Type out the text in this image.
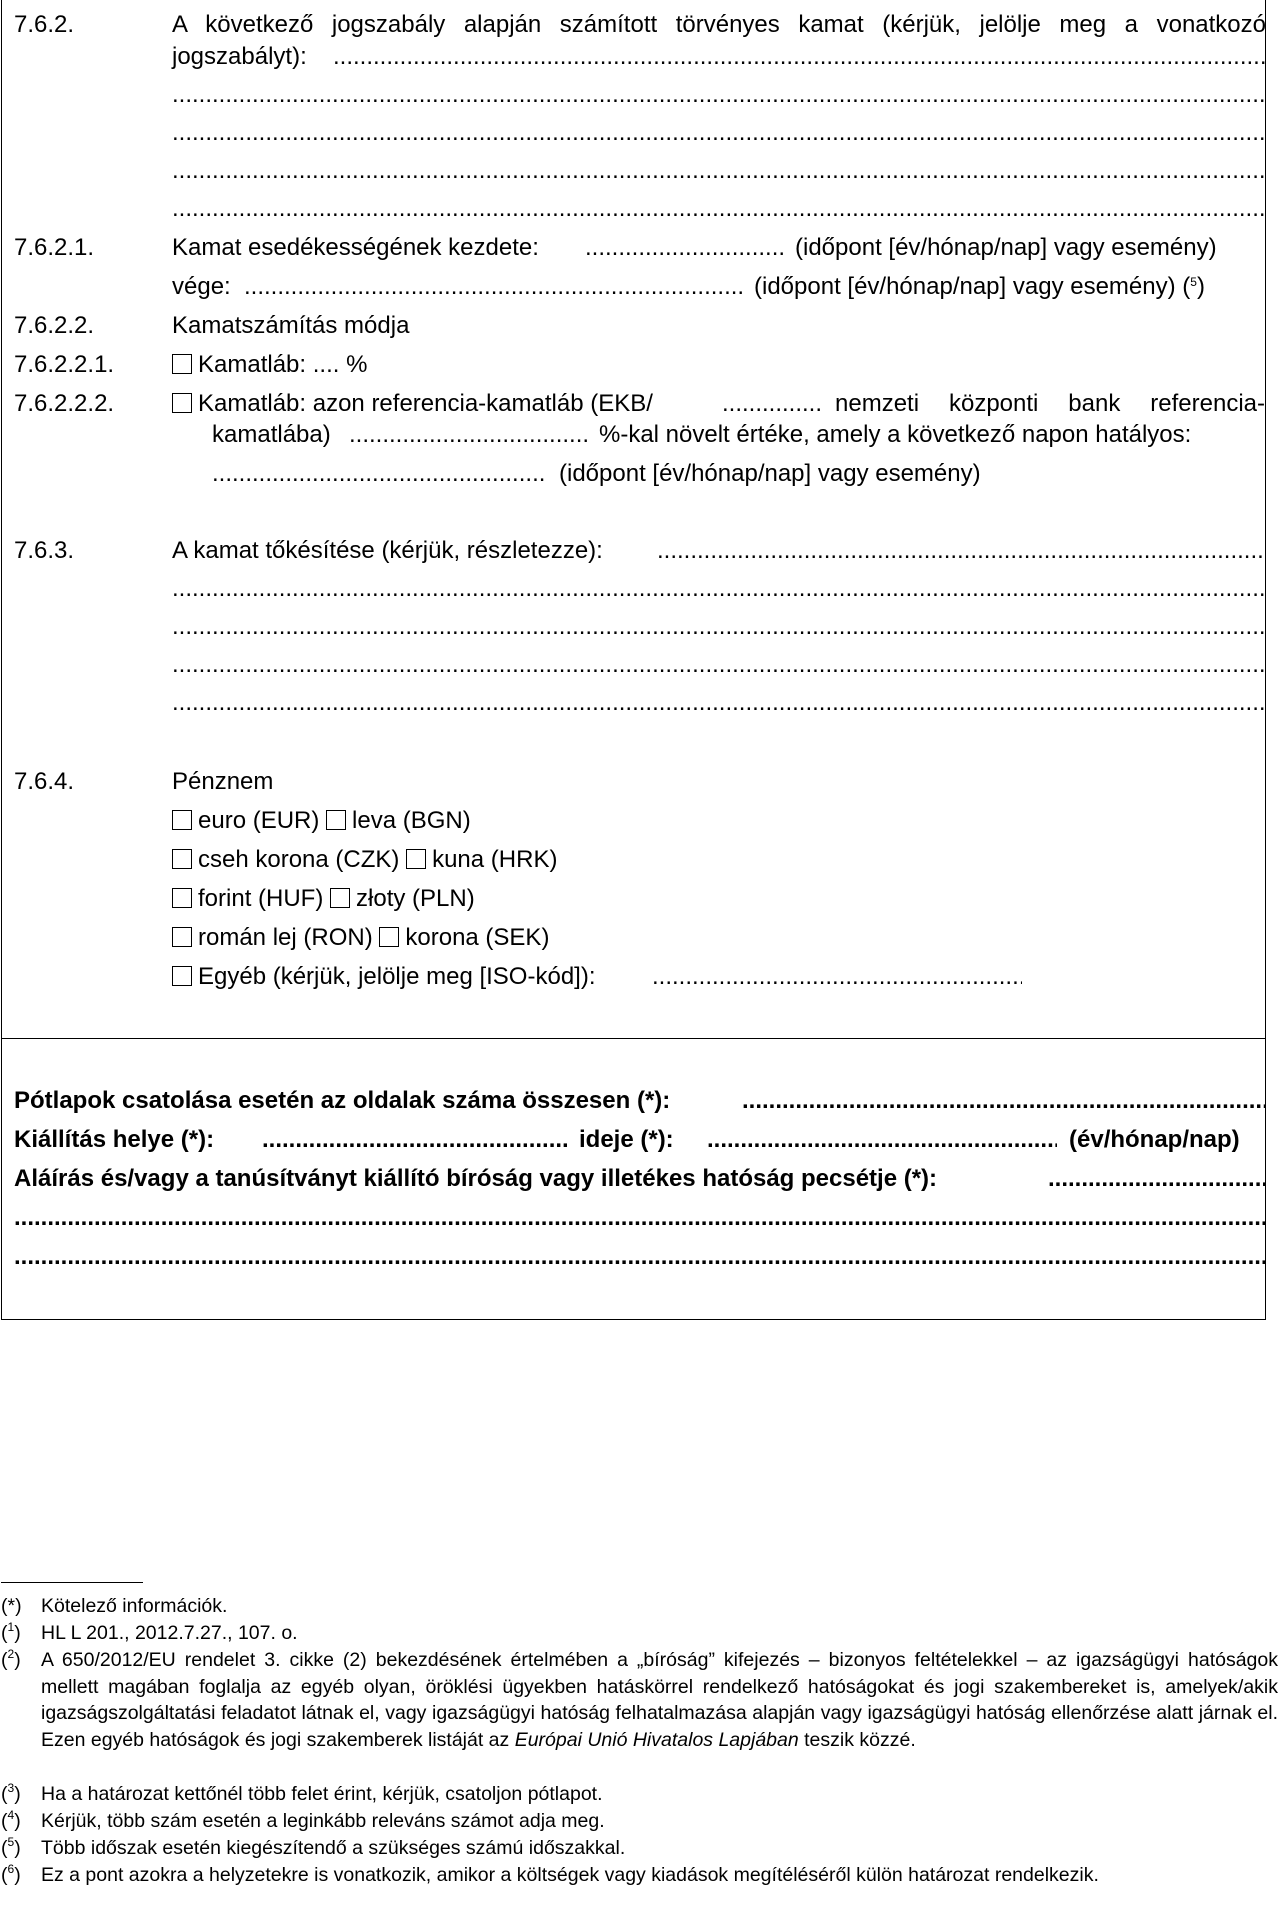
7.6.2.	A következő jogszabály alapján számított törvényes kamat (kérjük, jelölje meg a vonatkozó
jogszabályt):
.....
.....
.....
.....
.....
7.6.2.1.	Kamat esedékességének kezdete: .....	(időpont [év/hónap/nap] vagy esemény)
vége: .....	(időpont [év/hónap/nap] vagy esemény) ($^5$)
7.6.2.2.	Kamatszámítás módja
7.6.2.2.1.	Kamatláb: .... %
7.6.2.2.2.	Kamatláb: azon referencia-kamatláb (EKB/ .....	nemzeti központi bank referencia-
kamatlába) .....	%-kal növelt értéke, amely a következő napon hatályos:
.....
(időpont [év/hónap/nap] vagy esemény)
7.6.3.	A kamat tőkésítése (kérjük, részletezze):
.....
.....
.....
.....
.....
7.6.4.	Pénznem
euro (EUR) leva (BGN)
cseh korona (CZK) kuna (HRK)
forint (HUF) złoty (PLN)
román lej (RON) korona (SEK)
Egyéb (kérjük, jelölje meg [ISO-kód]):
.....
Pótlapok csatolása esetén az oldalak száma összesen (*):
.....
Kiállítás helye (*): .....	ideje (*): .....	(év/hónap/nap)
Aláírás és/vagy a tanúsítványt kiállító bíróság vagy illetékes hatóság pecsétje (*):
.....
.....
.....
(*) Kötelező információk.
($^1$) HL L 201., 2012.7.27., 107. o.
($^2$) A 650/2012/EU rendelet 3. cikke (2) bekezdésének értelmében a „bíróság” kifejezés – bizonyos feltételekkel – az igazságügyi hatóságok mellett magában foglalja az egyéb olyan, öröklési ügyekben hatáskörrel rendelkező hatóságokat és jogi szakembereket is, amelyek/akik igazságszolgáltatási feladatot látnak el, vagy igazságügyi hatóság felhatalmazása alapján vagy igazságügyi hatóság ellenőrzése alatt járnak el. Ezen egyéb hatóságok és jogi szakemberek listáját az Európai Unió Hivatalos Lapjában teszik közzé.
($^3$) Ha a határozat kettőnél több felet érint, kérjük, csatoljon pótlapot.
($^4$) Kérjük, több szám esetén a leginkább releváns számot adja meg.
($^5$) Több időszak esetén kiegészítendő a szükséges számú időszakkal.
($^6$) Ez a pont azokra a helyzetekre is vonatkozik, amikor a költségek vagy kiadások megítéléséről külön határozat rendelkezik.
